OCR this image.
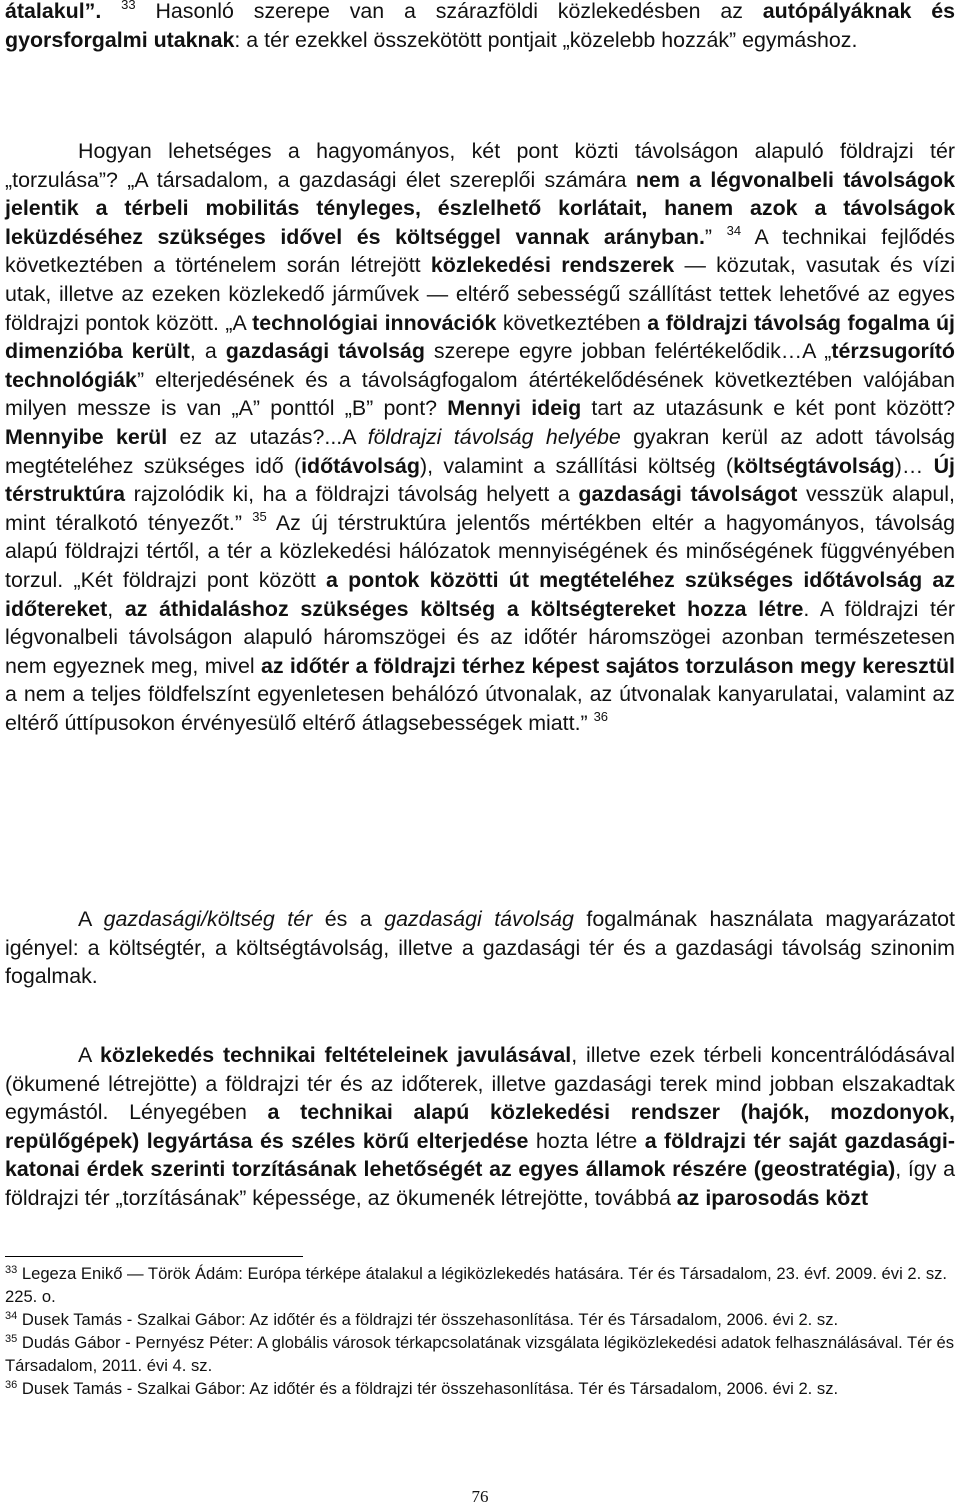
átalakul”. $^{33}$ Hasonló szerepe van a szárazföldi közlekedésben az autópályáknak és gyorsforgalmi utaknak: a tér ezekkel összekötött pontjait „közelebb hozzák” egymáshoz.

Hogyan lehetséges a hagyományos, két pont közti távolságon alapuló földrajzi tér „torzulása”? „A társadalom, a gazdasági élet szereplői számára nem a légvonalbeli távolságok jelentik a térbeli mobilitás tényleges, észlelhető korlátait, hanem azok a távolságok leküzdéséhez szükséges idővel és költséggel vannak arányban.” $^{34}$ A technikai fejlődés következtében a történelem során létrejött közlekedési rendszerek — közutak, vasutak és vízi utak, illetve az ezeken közlekedő járművek — eltérő sebességű szállítást tettek lehetővé az egyes földrajzi pontok között. „A technológiai innovációk következtében a földrajzi távolság fogalma új dimenzióba került, a gazdasági távolság szerepe egyre jobban felértékelődik…A „térzsugorító technológiák” elterjedésének és a távolságfogalom átértékelődésének következtében valójában milyen messze is van „A” ponttól „B” pont? Mennyi ideig tart az utazásunk e két pont között? Mennyibe kerül ez az utazás?...A földrajzi távolság helyébe gyakran kerül az adott távolság megtételéhez szükséges idő (időtávolság), valamint a szállítási költség (költségtávolság)… Új térstruktúra rajzolódik ki, ha a földrajzi távolság helyett a gazdasági távolságot vesszük alapul, mint téralkotó tényezőt.” $^{35}$ Az új térstruktúra jelentős mértékben eltér a hagyományos, távolság alapú földrajzi tértől, a tér a közlekedési hálózatok mennyiségének és minőségének függvényében torzul. „Két földrajzi pont között a pontok közötti út megtételéhez szükséges időtávolság az időtereket, az áthidaláshoz szükséges költség a költségtereket hozza létre. A földrajzi tér légvonalbeli távolságon alapuló háromszögei és az időtér háromszögei azonban természetesen nem egyeznek meg, mivel az időtér a földrajzi térhez képest sajátos torzuláson megy keresztül a nem a teljes földfelszínt egyenletesen behálózó útvonalak, az útvonalak kanyarulatai, valamint az eltérő úttípusokon érvényesülő eltérő átlagsebességek miatt.” $^{36}$

A gazdasági/költség tér és a gazdasági távolság fogalmának használata magyarázatot igényel: a költségtér, a költségtávolság, illetve a gazdasági tér és a gazdasági távolság szinonim fogalmak.

A közlekedés technikai feltételeinek javulásával, illetve ezek térbeli koncentrálódásával (ökumené létrejötte) a földrajzi tér és az időterek, illetve gazdasági terek mind jobban elszakadtak egymástól. Lényegében a technikai alapú közlekedési rendszer (hajók, mozdonyok, repülőgépek) legyártása és széles körű elterjedése hozta létre a földrajzi tér saját gazdasági-katonai érdek szerinti torzításának lehetőségét az egyes államok részére (geostratégia), így a földrajzi tér „torzításának” képessége, az ökumenék létrejötte, továbbá az iparosodás közt

$^{33}$ Legeza Enikő — Török Ádám: Európa térképe átalakul a légiközlekedés hatására. Tér és Társadalom, 23. évf. 2009. évi 2. sz. 225. o.

$^{34}$ Dusek Tamás - Szalkai Gábor: Az időtér és a földrajzi tér összehasonlítása. Tér és Társadalom, 2006. évi 2. sz.

$^{35}$ Dudás Gábor - Pernyész Péter: A globális városok térkapcsolatának vizsgálata légiközlekedési adatok felhasználásával. Tér és Társadalom, 2011. évi 4. sz.

$^{36}$ Dusek Tamás - Szalkai Gábor: Az időtér és a földrajzi tér összehasonlítása. Tér és Társadalom, 2006. évi 2. sz.

76
